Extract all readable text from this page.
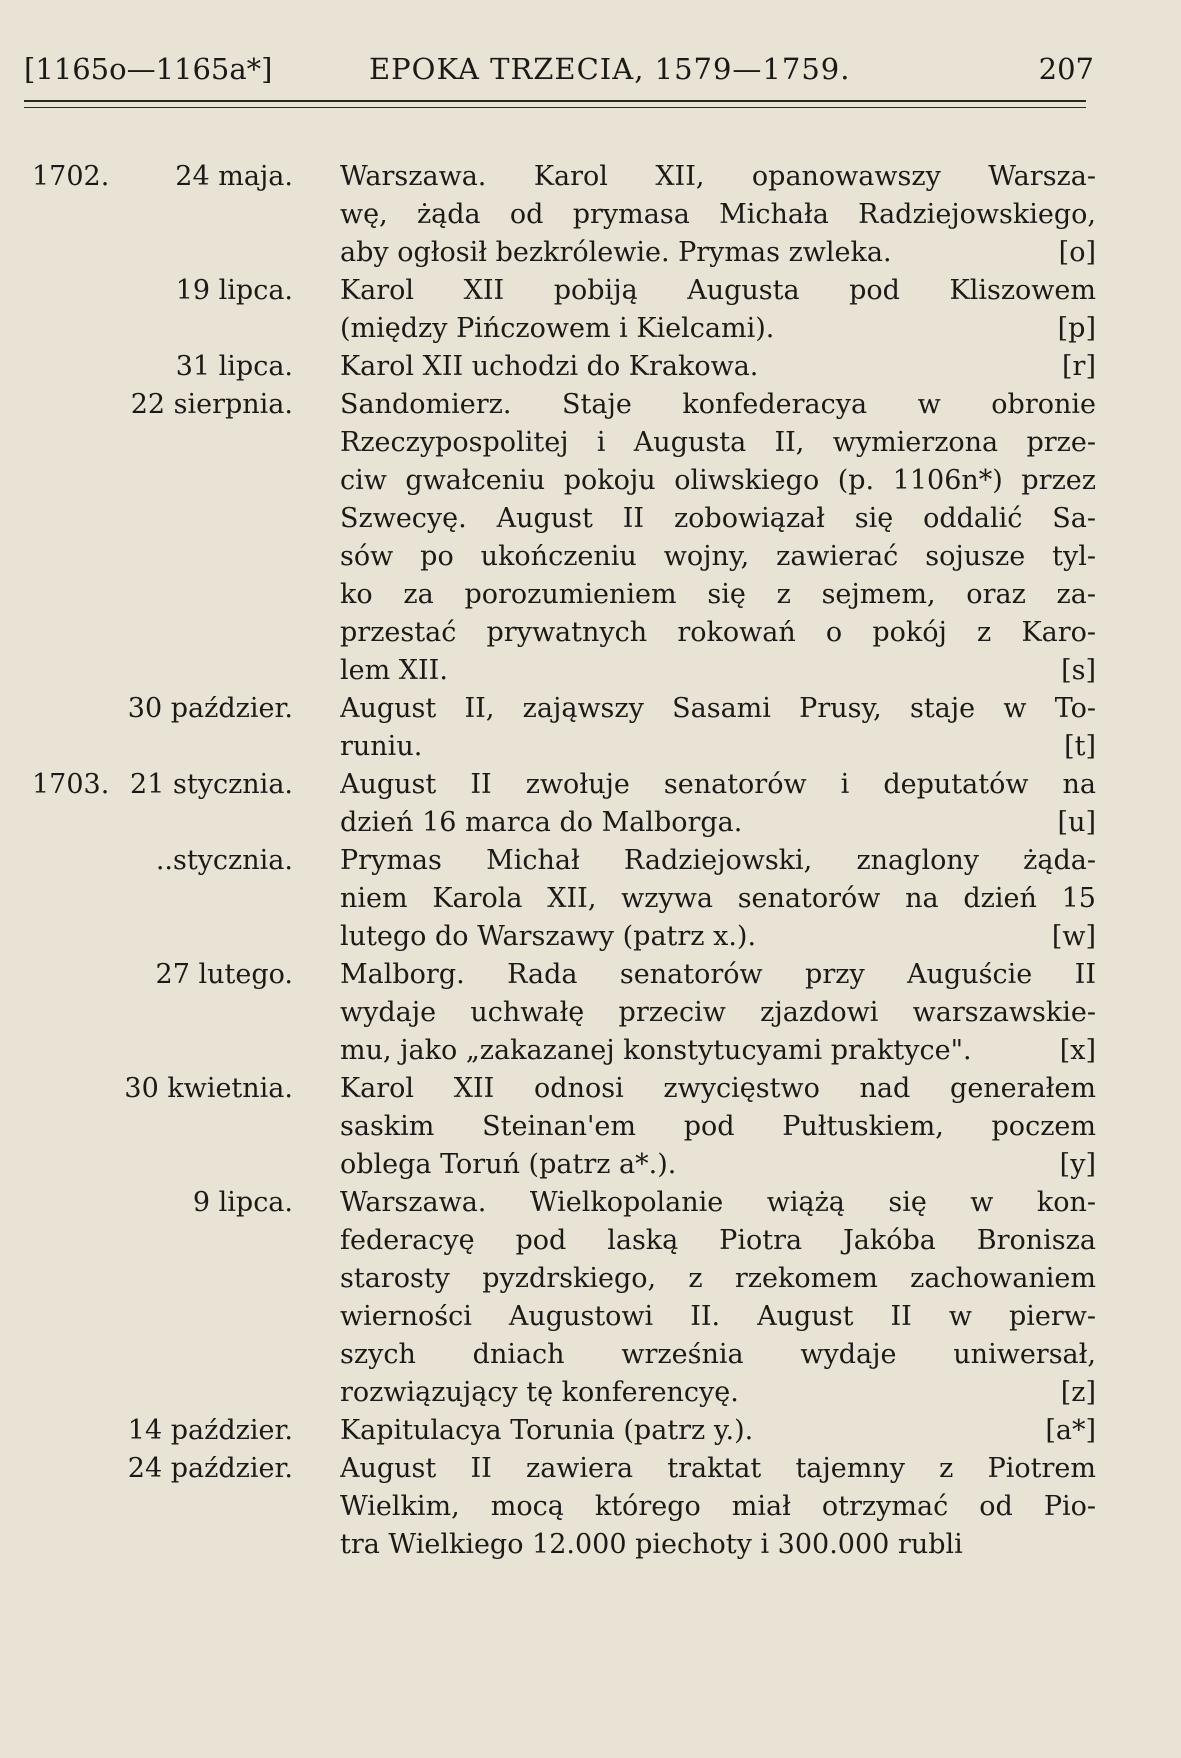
[1165o—1165a*]	EPOKA TRZECIA, 1579—1759.	207
1702. 24 maja. Warszawa. Karol XII, opanowawszy Warsza-
wę, żąda od prymasa Michała Radziejowskiego,
aby ogłosił bezkrólewie. Prymas zwleka.	[o]
19 lipca. Karol XII pobiją Augusta pod Kliszowem
(między Pińczowem i Kielcami).	[p]
31 lipca. Karol XII uchodzi do Krakowa.	[r]
22 sierpnia. Sandomierz. Staje konfederacya w obronie
Rzeczypospolitej i Augusta II, wymierzona prze-
ciw gwałceniu pokoju oliwskiego (p. 1106n*) przez
Szwecyę. August II zobowiązał się oddalić Sa-
sów po ukończeniu wojny, zawierać sojusze tyl-
ko za porozumieniem się z sejmem, oraz za-
przestać prywatnych rokowań o pokój z Karo-
lem XII.	[s]
30 paździer. August II, zająwszy Sasami Prusy, staje w To-
runiu.	[t]
1703. 21 stycznia. August II zwołuje senatorów i deputatów na
dzień 16 marca do Malborga.	[u]
..stycznia. Prymas Michał Radziejowski, znaglony żąda-
niem Karola XII, wzywa senatorów na dzień 15
lutego do Warszawy (patrz x.).	[w]
27 lutego. Malborg. Rada senatorów przy Auguście II
wydaje uchwałę przeciw zjazdowi warszawskie-
mu, jako „zakazanej konstytucyami praktyce".	[x]
30 kwietnia. Karol XII odnosi zwycięstwo nad generałem
saskim Steinan'em pod Pułtuskiem, poczem
oblega Toruń (patrz a*.).	[y]
9 lipca. Warszawa. Wielkopolanie wiążą się w kon-
federacyę pod laską Piotra Jakóba Bronisza
starosty pyzdrskiego, z rzekomem zachowaniem
wierności Augustowi II. August II w pierw-
szych dniach września wydaje uniwersał,
rozwiązujący tę konferencyę.	[z]
14 paździer. Kapitulacya Torunia (patrz y.).	[a*]
24 paździer. August II zawiera traktat tajemny z Piotrem
Wielkim, mocą którego miał otrzymać od Pio-
tra Wielkiego 12.000 piechoty i 300.000 rubli
